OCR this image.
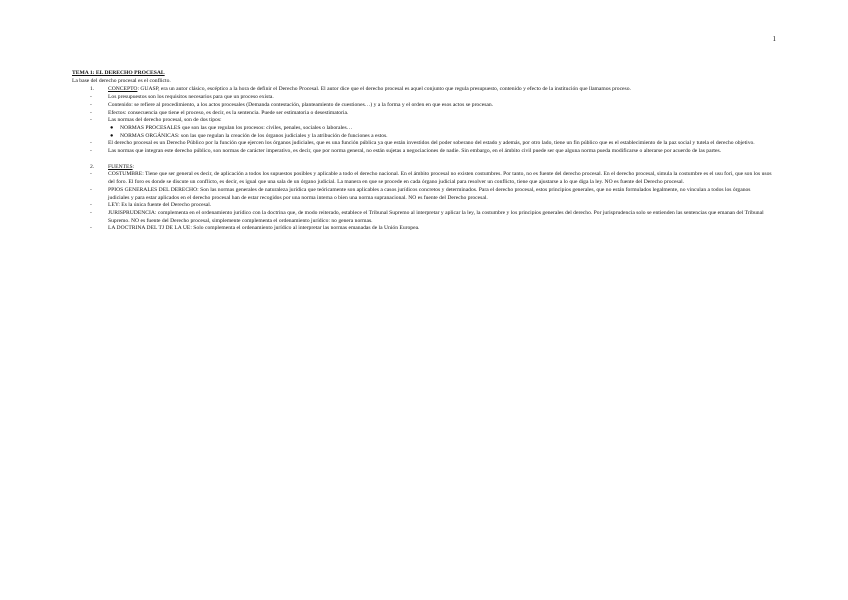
1
TEMA 1: EL DERECHO PROCESAL
La base del derecho procesal es el conflicto.
1. CONCEPTO: GUASP, era un autor clásico, escéptico a la hora de definir el Derecho Procesal. El autor dice que el derecho procesal es aquel conjunto que regula presupuesto, contenido y efecto de la institución que llamamos proceso.
-	Los presupuestos son los requisitos necesarios para que un proceso exista.
-	Contenido: se refiere al procedimiento, a los actos procesales (Demanda contestación, planteamiento de cuestiones…) y a la forma y el orden en que esos actos se procesan.
-	Efectos: consecuencia que tiene el proceso, es decir, es la sentencia. Puede ser estimatoria o desestimatoria.
-	Las normas del derecho procesal, son de dos tipos:
● NORMAS PROCESALES que son las que regulan los procesos: civiles, penales, sociales o laborales…
● NORMAS ORGÁNICAS: son las que regulan la creación de los órganos judiciales y la atribución de funciones a estos.
-	El derecho procesal es un Derecho Público por la función que ejercen los órganos judiciales, que es una función pública ya que están investidos del poder soberano del estado y además, por otro lado, tiene un fin público que es el establecimiento de la paz social y tutela el derecho objetivo.
-	Las normas que integran este derecho público, son normas de carácter imperativo, es decir, que por norma general, no están sujetas a negociaciones de nadie. Sin embargo, en el ámbito civil puede ser que alguna norma pueda modificarse o alterarse por acuerdo de las partes.
2. FUENTES:
-	COSTUMBRE: Tiene que ser general es decir, de aplicación a todos los supuestos posibles y aplicable a todo el derecho nacional. En el ámbito procesal no existen costumbres. Por tanto, no es fuente del derecho procesal. En el derecho procesal, simula la costumbre es el usu fori, que son los usos del foro. El foro es donde se discute un conflicto, es decir, es igual que una sala de un órgano judicial. La manera en que se procede en cada órgano judicial para resolver un conflicto, tiene que ajustarse a lo que diga la ley. NO es fuente del Derecho procesal.
-	PPIOS GENERALES DEL DERECHO: Son las normas generales de naturaleza jurídica que teóricamente son aplicables a casos jurídicos concretos y determinados. Para el derecho procesal, estos principios generales, que no están formulados legalmente, no vinculan a todos los órganos judiciales y para estar aplicados en el derecho procesal han de estar recogidos por una norma interna o bien una norma supranacional. NO es fuente del Derecho procesal.
-	LEY: Es la única fuente del Derecho procesal.
-	JURISPRUDENCIA: complementa en el ordenamiento jurídico con la doctrina que, de modo reiterado, establece el Tribunal Supremo al interpretar y aplicar la ley, la costumbre y los principios generales del derecho. Por jurisprudencia solo se entienden las sentencias que emanan del Tribunal Supremo. NO es fuente del Derecho procesal, simplemente complementa el ordenamiento jurídico: no genera normas.
-	LA DOCTRINA DEL TJ DE LA UE: Solo complementa el ordenamiento jurídico al interpretar las normas emanadas de la Unión Europea.
